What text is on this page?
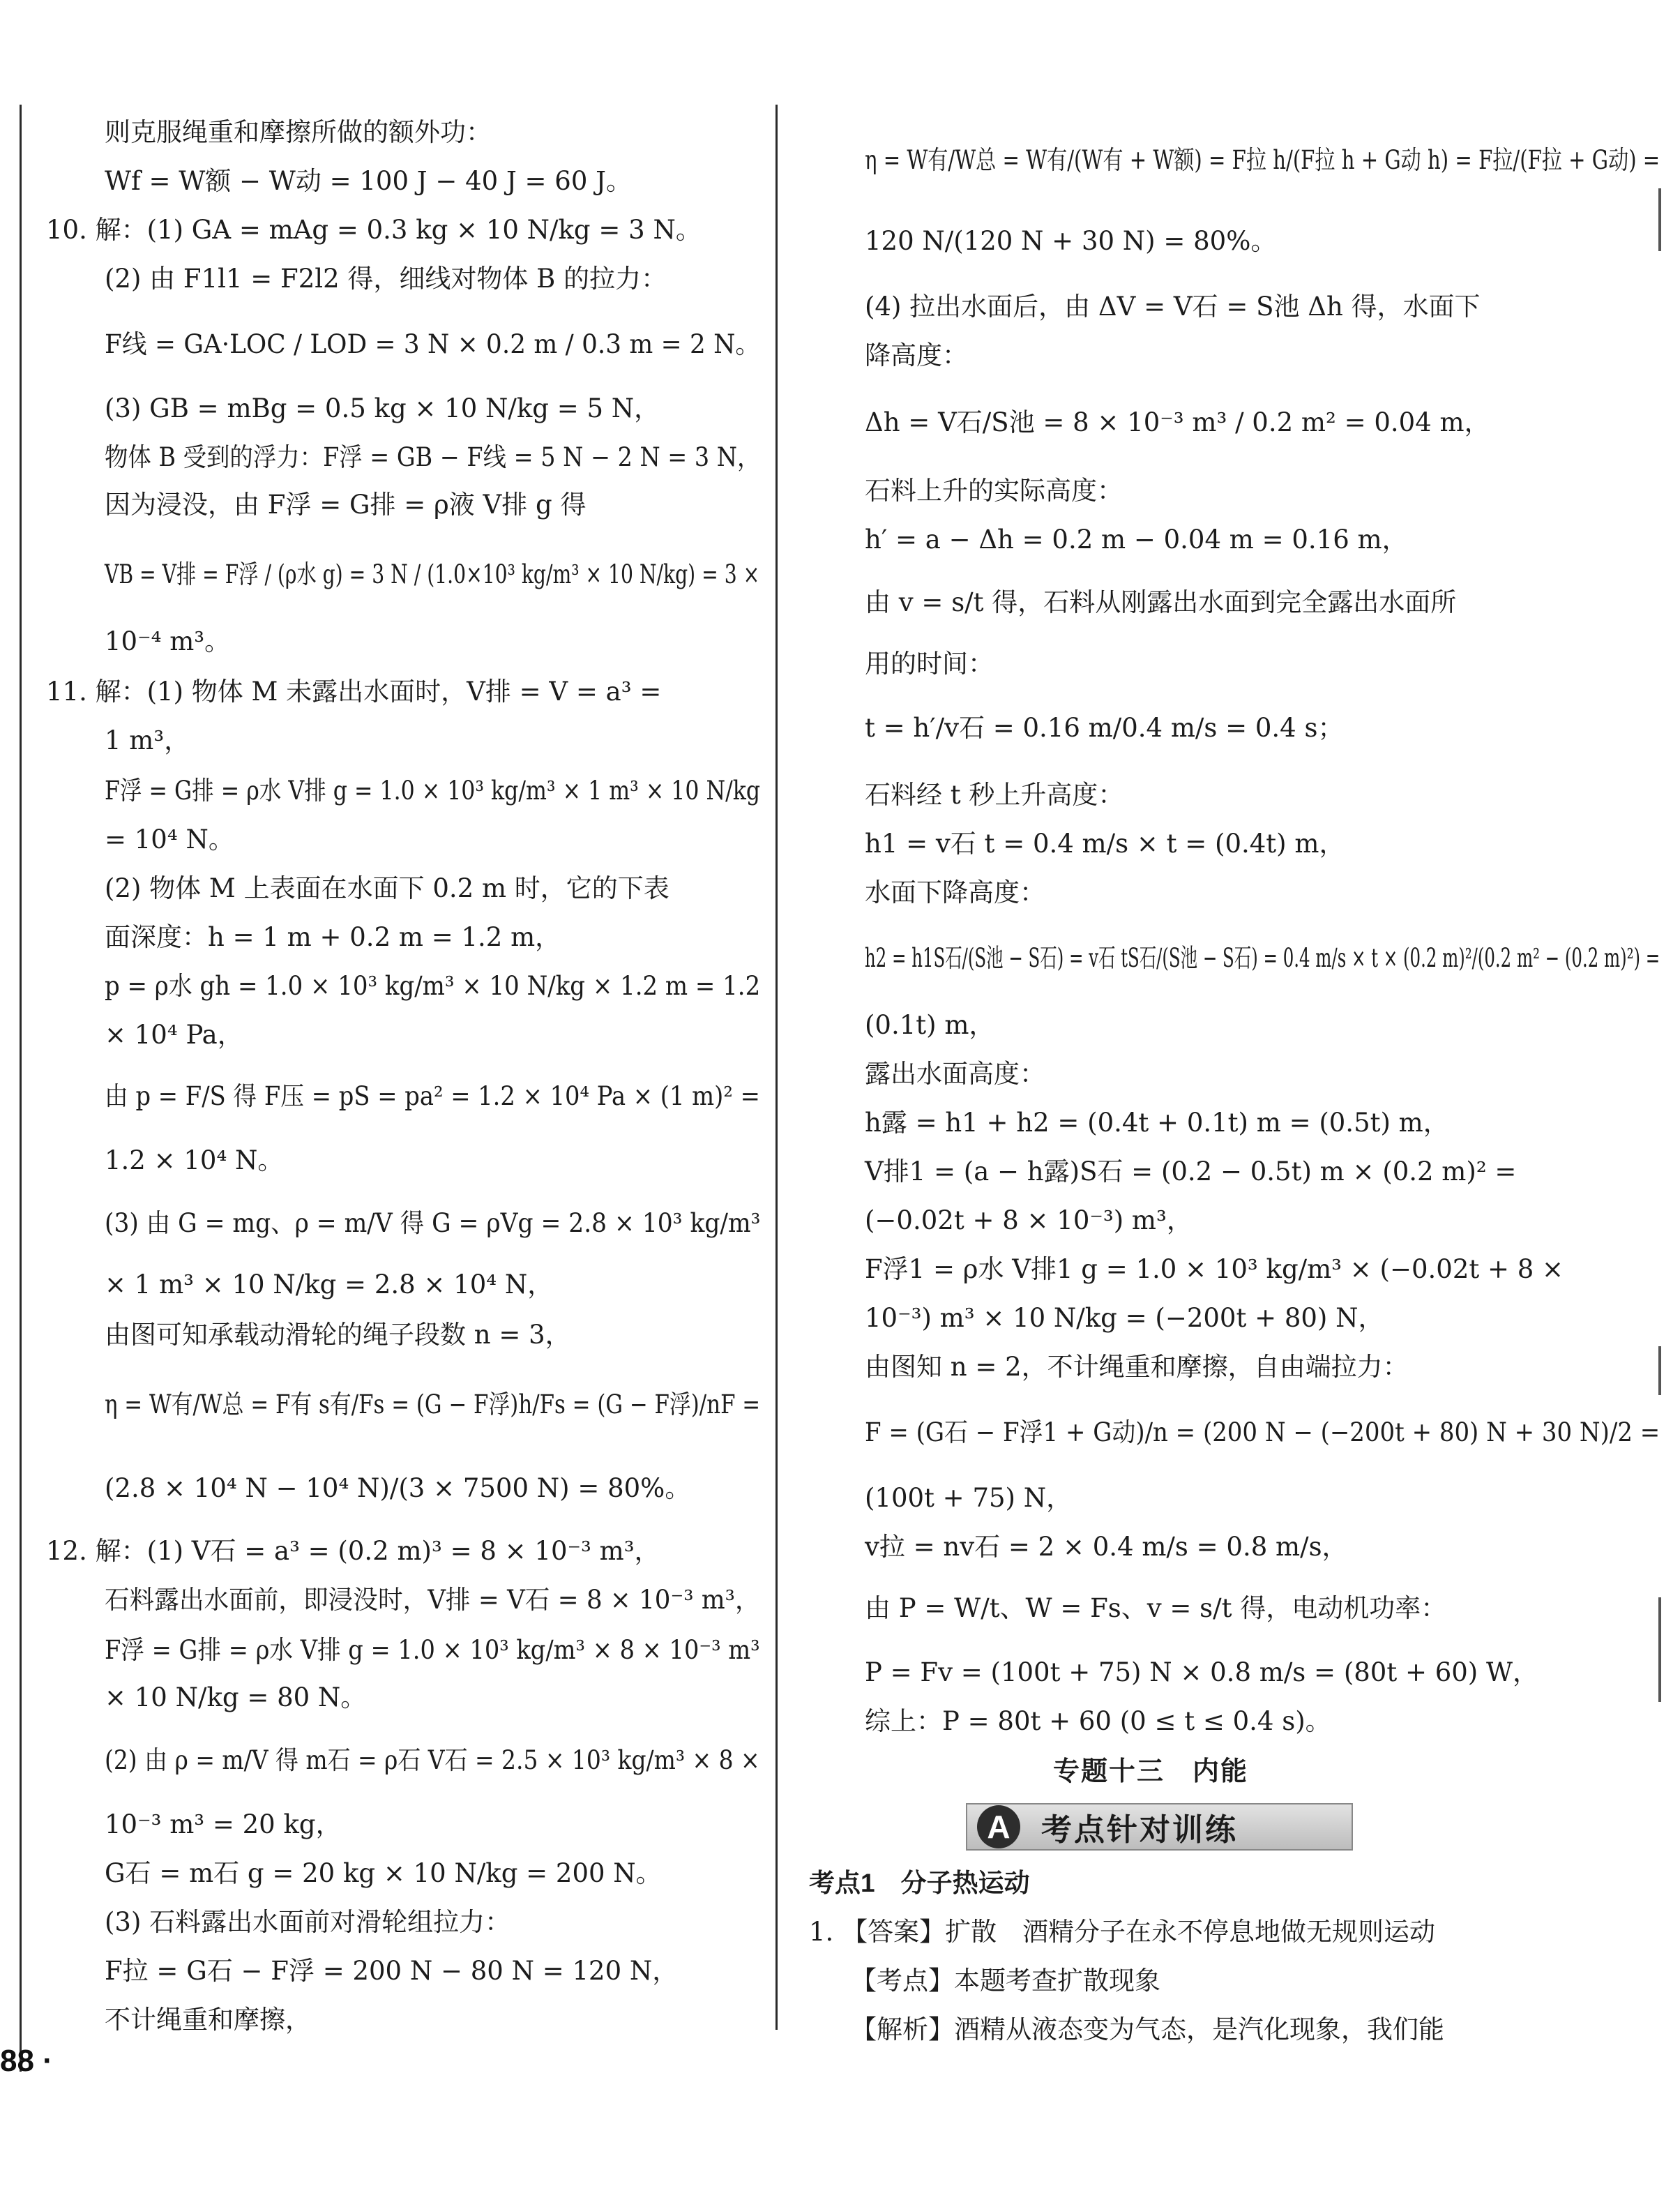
则克服绳重和摩擦所做的额外功：
Wf = W额 − W动 = 100 J − 40 J = 60 J。
10. 解：(1) GA = mAg = 0.3 kg × 10 N/kg = 3 N。
(2) 由 F1l1 = F2l2 得，细线对物体 B 的拉力：
F线 = GA·LOC / LOD = 3 N × 0.2 m / 0.3 m = 2 N。
(3) GB = mBg = 0.5 kg × 10 N/kg = 5 N，
物体 B 受到的浮力：F浮 = GB − F线 = 5 N − 2 N = 3 N，
因为浸没，由 F浮 = G排 = ρ液 V排 g 得
VB = V排 = F浮 / (ρ水 g) = 3 N / (1.0×10³ kg/m³ × 10 N/kg) = 3 ×
10⁻⁴ m³。
11. 解：(1) 物体 M 未露出水面时，V排 = V = a³ =
1 m³，
F浮 = G排 = ρ水 V排 g = 1.0 × 10³ kg/m³ × 1 m³ × 10 N/kg
= 10⁴ N。
(2) 物体 M 上表面在水面下 0.2 m 时，它的下表
面深度：h = 1 m + 0.2 m = 1.2 m，
p = ρ水 gh = 1.0 × 10³ kg/m³ × 10 N/kg × 1.2 m = 1.2
× 10⁴ Pa，
由 p = F/S 得 F压 = pS = pa² = 1.2 × 10⁴ Pa × (1 m)² =
1.2 × 10⁴ N。
(3) 由 G = mg、ρ = m/V 得 G = ρVg = 2.8 × 10³ kg/m³
× 1 m³ × 10 N/kg = 2.8 × 10⁴ N，
由图可知承载动滑轮的绳子段数 n = 3，
η = W有/W总 = F有 s有/Fs = (G − F浮)h/Fs = (G − F浮)/nF =
(2.8 × 10⁴ N − 10⁴ N)/(3 × 7500 N) = 80%。
12. 解：(1) V石 = a³ = (0.2 m)³ = 8 × 10⁻³ m³，
石料露出水面前，即浸没时，V排 = V石 = 8 × 10⁻³ m³，
F浮 = G排 = ρ水 V排 g = 1.0 × 10³ kg/m³ × 8 × 10⁻³ m³
× 10 N/kg = 80 N。
(2) 由 ρ = m/V 得 m石 = ρ石 V石 = 2.5 × 10³ kg/m³ × 8 ×
10⁻³ m³ = 20 kg，
G石 = m石 g = 20 kg × 10 N/kg = 200 N。
(3) 石料露出水面前对滑轮组拉力：
F拉 = G石 − F浮 = 200 N − 80 N = 120 N，
不计绳重和摩擦，
η = W有/W总 = W有/(W有 + W额) = F拉 h/(F拉 h + G动 h) = F拉/(F拉 + G动) =
120 N/(120 N + 30 N) = 80%。
(4) 拉出水面后，由 ΔV = V石 = S池 Δh 得，水面下
降高度：
Δh = V石/S池 = 8 × 10⁻³ m³ / 0.2 m² = 0.04 m，
石料上升的实际高度：
h′ = a − Δh = 0.2 m − 0.04 m = 0.16 m，
由 v = s/t 得，石料从刚露出水面到完全露出水面所
用的时间：
t = h′/v石 = 0.16 m/0.4 m/s = 0.4 s；
石料经 t 秒上升高度：
h1 = v石 t = 0.4 m/s × t = (0.4t) m，
水面下降高度：
h2 = h1S石/(S池 − S石) = v石 tS石/(S池 − S石) = 0.4 m/s × t × (0.2 m)²/(0.2 m² − (0.2 m)²) =
(0.1t) m，
露出水面高度：
h露 = h1 + h2 = (0.4t + 0.1t) m = (0.5t) m，
V排1 = (a − h露)S石 = (0.2 − 0.5t) m × (0.2 m)² =
(−0.02t + 8 × 10⁻³) m³，
F浮1 = ρ水 V排1 g = 1.0 × 10³ kg/m³ × (−0.02t + 8 ×
10⁻³) m³ × 10 N/kg = (−200t + 80) N，
由图知 n = 2，不计绳重和摩擦，自由端拉力：
F = (G石 − F浮1 + G动)/n = (200 N − (−200t + 80) N + 30 N)/2 =
(100t + 75) N，
v拉 = nv石 = 2 × 0.4 m/s = 0.8 m/s，
由 P = W/t、W = Fs、v = s/t 得，电动机功率：
P = Fv = (100t + 75) N × 0.8 m/s = (80t + 60) W，
综上：P = 80t + 60 (0 ≤ t ≤ 0.4 s)。
考点1　分子热运动
1. 【答案】扩散　酒精分子在永不停息地做无规则运动
【考点】本题考查扩散现象
【解析】酒精从液态变为气态，是汽化现象，我们能
专题十三　内能
A	考点针对训练
88 ·
